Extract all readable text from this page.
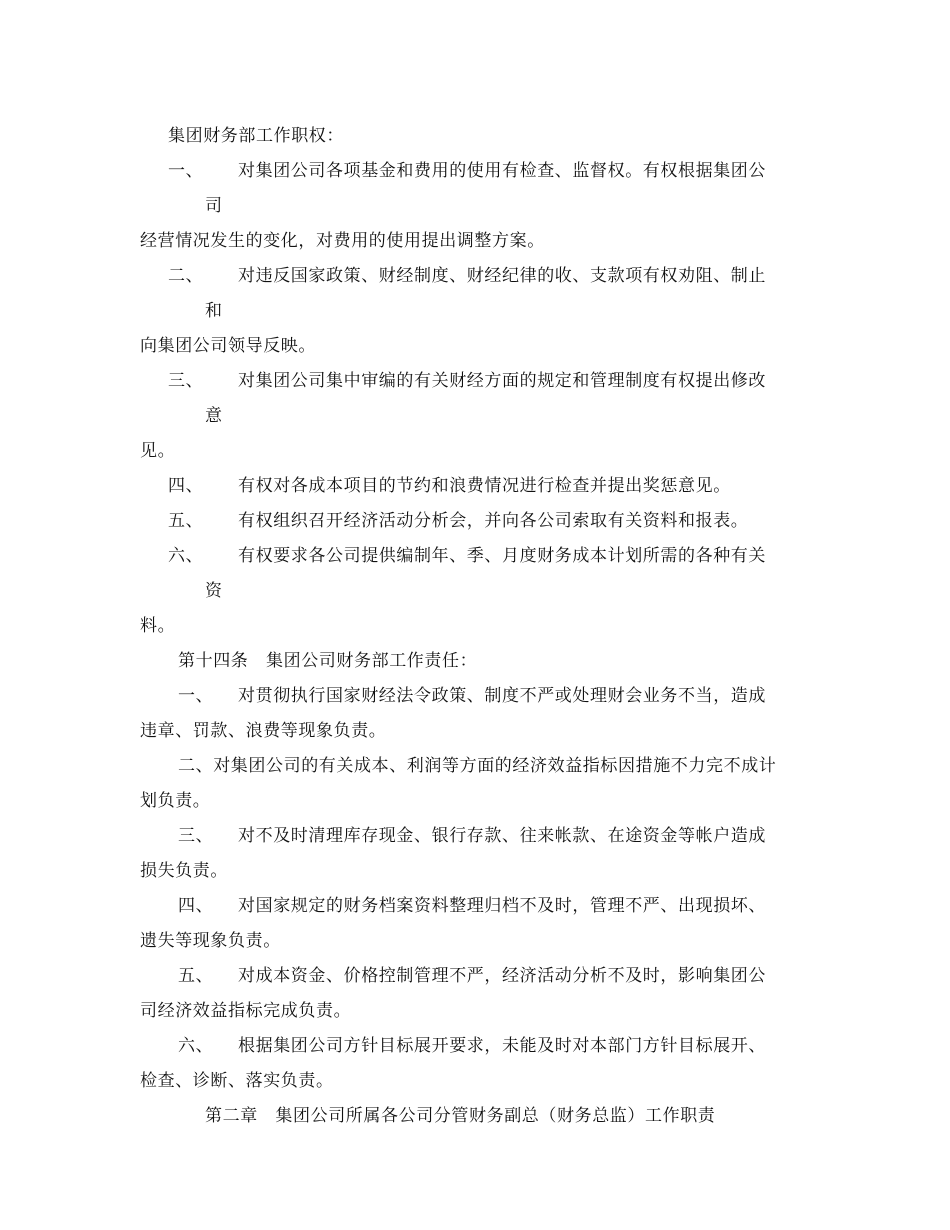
集团财务部工作职权：
一、 对集团公司各项基金和费用的使用有检查、监督权。有权根据集团公
司
经营情况发生的变化，对费用的使用提出调整方案。
二、 对违反国家政策、财经制度、财经纪律的收、支款项有权劝阻、制止
和
向集团公司领导反映。
三、 对集团公司集中审编的有关财经方面的规定和管理制度有权提出修改
意
见。
四、 有权对各成本项目的节约和浪费情况进行检查并提出奖惩意见。
五、 有权组织召开经济活动分析会，并向各公司索取有关资料和报表。
六、 有权要求各公司提供编制年、季、月度财务成本计划所需的各种有关
资
料。
第十四条　集团公司财务部工作责任：
一、 对贯彻执行国家财经法令政策、制度不严或处理财会业务不当，造成
违章、罚款、浪费等现象负责。
二、对集团公司的有关成本、利润等方面的经济效益指标因措施不力完不成计
划负责。
三、 对不及时清理库存现金、银行存款、往来帐款、在途资金等帐户造成
损失负责。
四、 对国家规定的财务档案资料整理归档不及时，管理不严、出现损坏、
遗失等现象负责。
五、 对成本资金、价格控制管理不严，经济活动分析不及时，影响集团公
司经济效益指标完成负责。
六、 根据集团公司方针目标展开要求，未能及时对本部门方针目标展开、
检查、诊断、落实负责。
第二章　集团公司所属各公司分管财务副总（财务总监）工作职责
